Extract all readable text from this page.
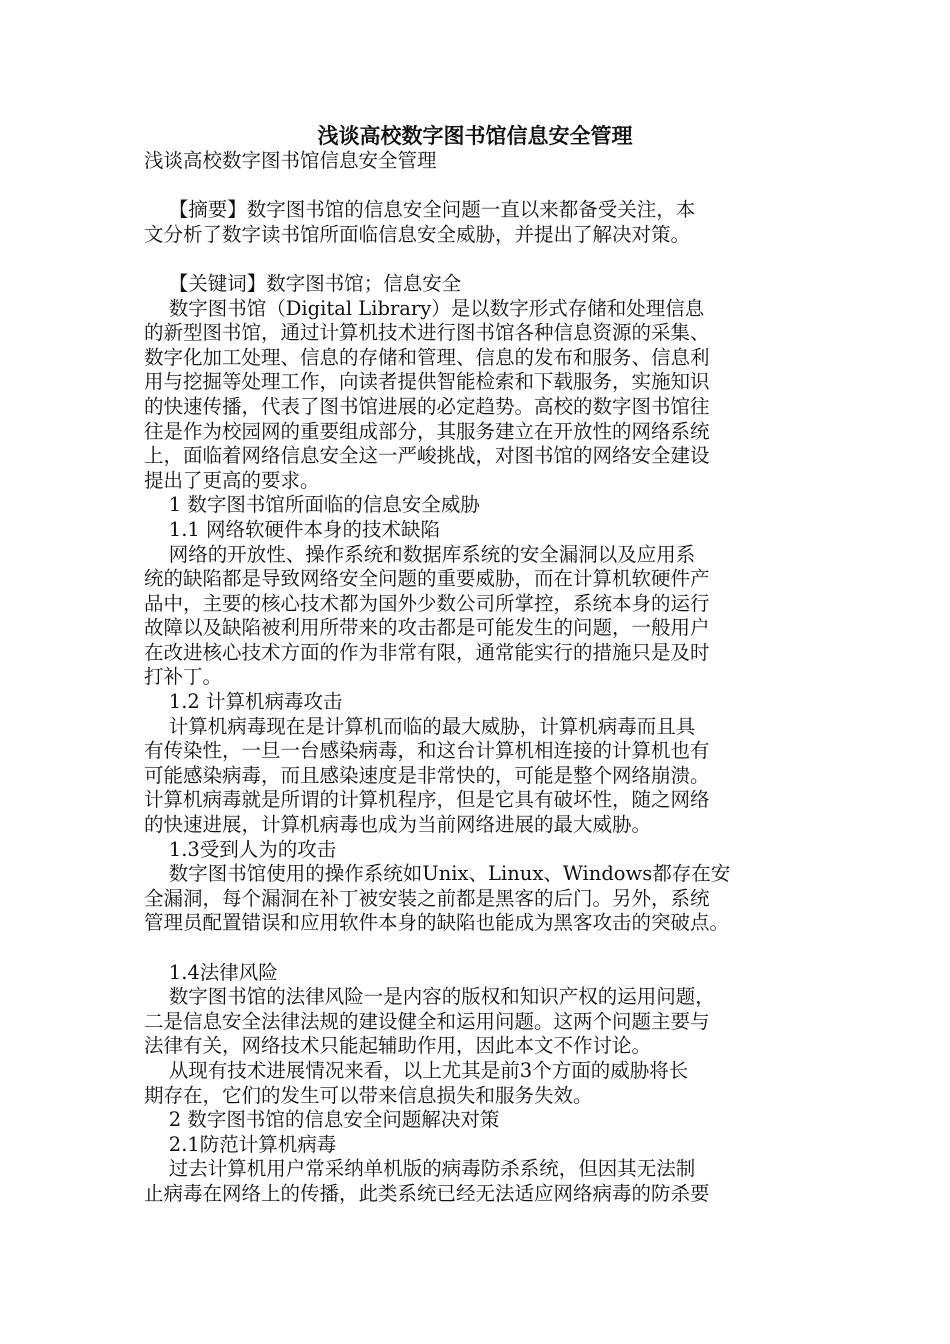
浅谈高校数字图书馆信息安全管理

浅谈高校数字图书馆信息安全管理

【摘要】数字图书馆的信息安全问题一直以来都备受关注，本

文分析了数字读书馆所面临信息安全威胁，并提出了解决对策。

【关键词】数字图书馆；信息安全

数字图书馆（Digital Library）是以数字形式存储和处理信息

的新型图书馆，通过计算机技术进行图书馆各种信息资源的采集、

数字化加工处理、信息的存储和管理、信息的发布和服务、信息利

用与挖掘等处理工作，向读者提供智能检索和下载服务，实施知识

的快速传播，代表了图书馆进展的必定趋势。高校的数字图书馆往

往是作为校园网的重要组成部分，其服务建立在开放性的网络系统

上，面临着网络信息安全这一严峻挑战，对图书馆的网络安全建设

提出了更高的要求。

1 数字图书馆所面临的信息安全威胁

1.1 网络软硬件本身的技术缺陷

网络的开放性、操作系统和数据库系统的安全漏洞以及应用系

统的缺陷都是导致网络安全问题的重要威胁，而在计算机软硬件产

品中，主要的核心技术都为国外少数公司所掌控，系统本身的运行

故障以及缺陷被利用所带来的攻击都是可能发生的问题，一般用户

在改进核心技术方面的作为非常有限，通常能实行的措施只是及时

打补丁。

1.2 计算机病毒攻击

计算机病毒现在是计算机而临的最大威胁，计算机病毒而且具

有传染性，一旦一台感染病毒，和这台计算机相连接的计算机也有

可能感染病毒，而且感染速度是非常快的，可能是整个网络崩溃。

计算机病毒就是所谓的计算机程序，但是它具有破坏性，随之网络

的快速进展，计算机病毒也成为当前网络进展的最大威胁。

1.3受到人为的攻击

数字图书馆使用的操作系统如Unix、Linux、Windows都存在安

全漏洞，每个漏洞在补丁被安装之前都是黑客的后门。另外，系统

管理员配置错误和应用软件本身的缺陷也能成为黑客攻击的突破点。

1.4法律风险

数字图书馆的法律风险一是内容的版权和知识产权的运用问题，

二是信息安全法律法规的建设健全和运用问题。这两个问题主要与

法律有关，网络技术只能起辅助作用，因此本文不作讨论。

从现有技术进展情况来看，以上尤其是前3个方面的威胁将长

期存在，它们的发生可以带来信息损失和服务失效。

2 数字图书馆的信息安全问题解决对策

2.1防范计算机病毒

过去计算机用户常采纳单机版的病毒防杀系统，但因其无法制

止病毒在网络上的传播，此类系统已经无法适应网络病毒的防杀要
